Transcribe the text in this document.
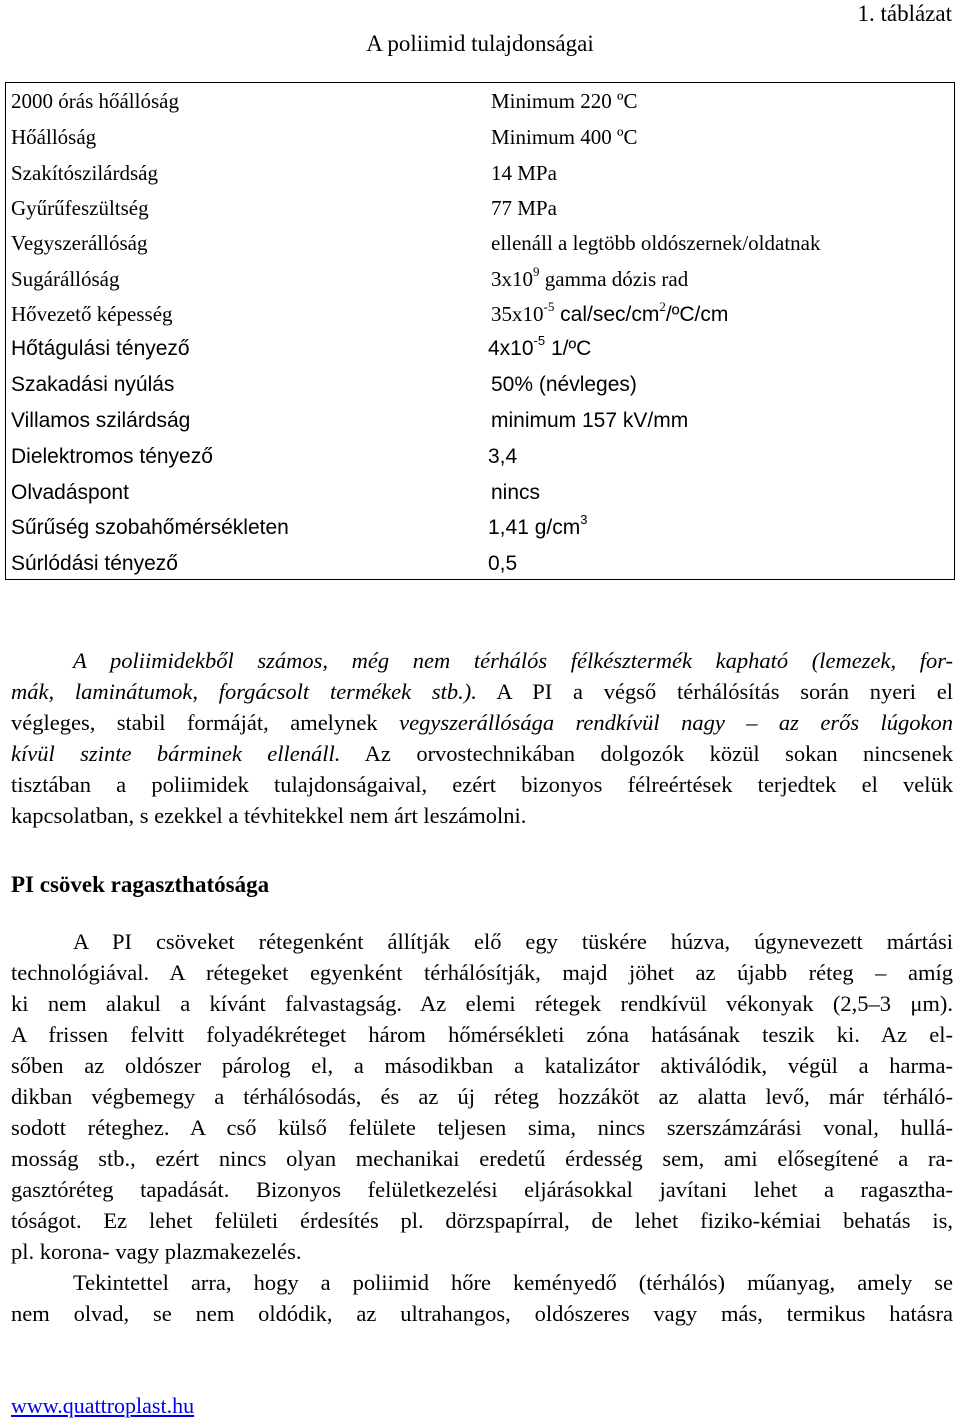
1. táblázat
A poliimid tulajdonságai
2000 órás hőállóság	Minimum 220 ºC
Hőállóság	Minimum 400 ºC
Szakítószilárdság	14 MPa
Gyűrűfeszültség	77 MPa
Vegyszerállóság	ellenáll a legtöbb oldószernek/oldatnak
Sugárállóság	$3x10^9$ gamma dózis rad
Hővezető képesség	$35x10^{-5}$ cal/$\sec/cm^2/ºC/cm$
Hőtágulási tényező	$4x10^{-5}$ 1/ºC
Szakadási nyúlás	50% (névleges)
Villamos szilárdság	minimum 157 kV/mm
Dielektromos tényező	3,4
Olvadáspont	nincs
Sűrűség szobahőmérsékleten	1,41 $g/cm^3$
Súrlódási tényező	0,5
A poliimidekből számos, még nem térhálós félkésztermék kapható (lemezek, for-
mák, laminátumok, forgácsolt termékek stb.). A PI a végső térhálósítás során nyeri el
végleges, stabil formáját, amelynek vegyszerállósága rendkívül nagy – az erős lúgokon
kívül szinte bárminek ellenáll. Az orvostechnikában dolgozók közül sokan nincsenek
tisztában a poliimidek tulajdonságaival, ezért bizonyos félreértések terjedtek el velük
kapcsolatban, s ezekkel a tévhitekkel nem árt leszámolni.
PI csövek ragaszthatósága
A PI csöveket rétegenként állítják elő egy tüskére húzva, úgynevezett mártási
technológiával. A rétegeket egyenként térhálósítják, majd jöhet az újabb réteg – amíg
ki nem alakul a kívánt falvastagság. Az elemi rétegek rendkívül vékonyak (2,5–3 μm).
A frissen felvitt folyadékréteget három hőmérsékleti zóna hatásának teszik ki. Az el-
sőben az oldószer párolog el, a másodikban a katalizátor aktiválódik, végül a harma-
dikban végbemegy a térhálósodás, és az új réteg hozzáköt az alatta levő, már térháló-
sodott réteghez. A cső külső felülete teljesen sima, nincs szerszámzárási vonal, hullá-
mosság stb., ezért nincs olyan mechanikai eredetű érdesség sem, ami elősegítené a ra-
gasztóréteg tapadását. Bizonyos felületkezelési eljárásokkal javítani lehet a ragasztha-
tóságot. Ez lehet felületi érdesítés pl. dörzspapírral, de lehet fiziko-kémiai behatás is,
pl. korona- vagy plazmakezelés.
Tekintettel arra, hogy a poliimid hőre keményedő (térhálós) műanyag, amely se
nem olvad, se nem oldódik, az ultrahangos, oldószeres vagy más, termikus hatásra
www.quattroplast.hu
